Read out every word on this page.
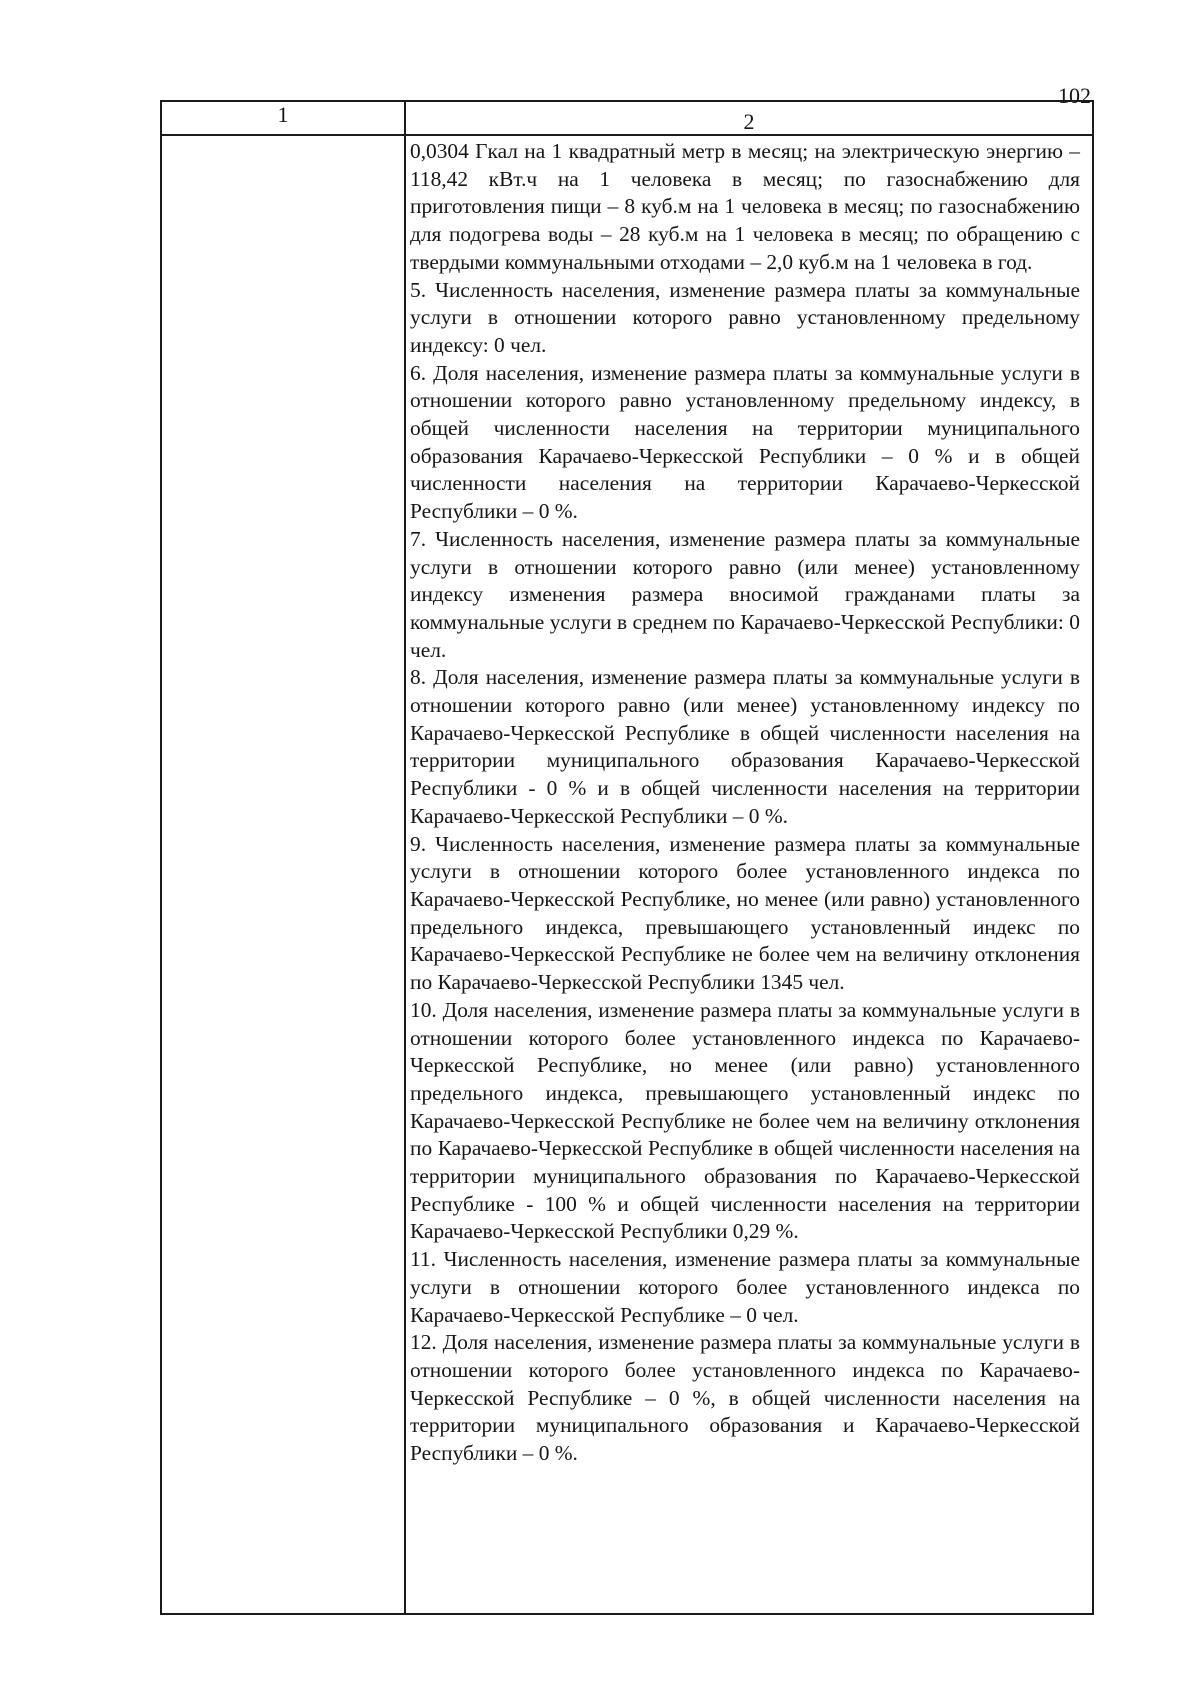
102
1	2

0,0304 Гкал на 1 квадратный метр в месяц; на электрическую энергию – 118,42 кВт.ч на 1 человека в месяц; по газоснабжению для приготовления пищи – 8 куб.м на 1 человека в месяц; по газоснабжению для подогрева воды – 28 куб.м на 1 человека в месяц; по обращению с твердыми коммунальными отходами – 2,0 куб.м на 1 человека в год.

5. Численность населения, изменение размера платы за коммунальные услуги в отношении которого равно установленному предельному индексу: 0 чел.

6. Доля населения, изменение размера платы за коммунальные услуги в отношении которого равно установленному предельному индексу, в общей численности населения на территории муниципального образования Карачаево-Черкесской Республики – 0 % и в общей численности населения на территории Карачаево-Черкесской Республики – 0 %.

7. Численность населения, изменение размера платы за коммунальные услуги в отношении которого равно (или менее) установленному индексу изменения размера вносимой гражданами платы за коммунальные услуги в среднем по Карачаево-Черкесской Республики: 0 чел.

8. Доля населения, изменение размера платы за коммунальные услуги в отношении которого равно (или менее) установленному индексу по Карачаево-Черкесской Республике в общей численности населения на территории муниципального образования Карачаево-Черкесской Республики - 0 % и в общей численности населения на территории Карачаево-Черкесской Республики – 0 %.

9. Численность населения, изменение размера платы за коммунальные услуги в отношении которого более установленного индекса по Карачаево-Черкесской Республике, но менее (или равно) установленного предельного индекса, превышающего установленный индекс по Карачаево-Черкесской Республике не более чем на величину отклонения по Карачаево-Черкесской Республики 1345 чел.

10. Доля населения, изменение размера платы за коммунальные услуги в отношении которого более установленного индекса по Карачаево-Черкесской Республике, но менее (или равно) установленного предельного индекса, превышающего установленный индекс по Карачаево-Черкесской Республике не более чем на величину отклонения по Карачаево-Черкесской Республике в общей численности населения на территории муниципального образования по Карачаево-Черкесской Республике - 100 % и общей численности населения на территории Карачаево-Черкесской Республики 0,29 %.

11. Численность населения, изменение размера платы за коммунальные услуги в отношении которого более установленного индекса по Карачаево-Черкесской Республике – 0 чел.

12. Доля населения, изменение размера платы за коммунальные услуги в отношении которого более установленного индекса по Карачаево-Черкесской Республике – 0 %, в общей численности населения на территории муниципального образования и Карачаево-Черкесской Республики – 0 %.
